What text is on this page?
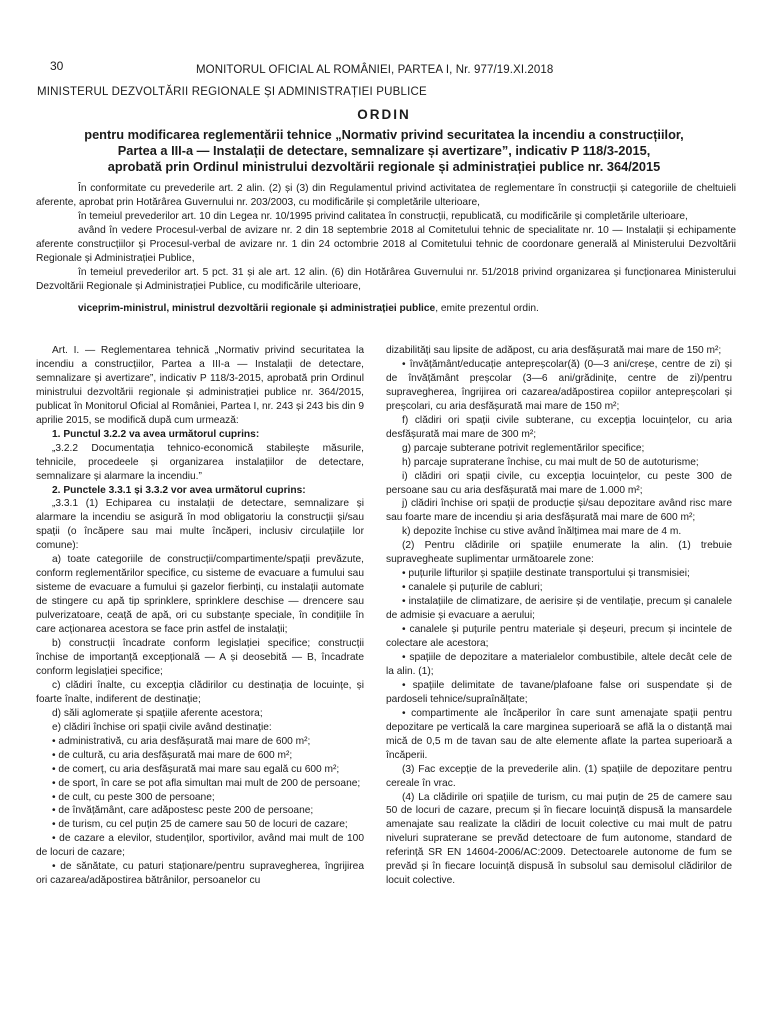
30	MONITORUL OFICIAL AL ROMÂNIEI, PARTEA I, Nr. 977/19.XI.2018
MINISTERUL DEZVOLTĂRII REGIONALE ȘI ADMINISTRAȚIEI PUBLICE
ORDIN
pentru modificarea reglementării tehnice „Normativ privind securitatea la incendiu a construcțiilor,
Partea a III-a — Instalații de detectare, semnalizare și avertizare”, indicativ P 118/3-2015,
aprobată prin Ordinul ministrului dezvoltării regionale și administrației publice nr. 364/2015

În conformitate cu prevederile art. 2 alin. (2) și (3) din Regulamentul privind activitatea de reglementare în construcții și categoriile de cheltuieli aferente, aprobat prin Hotărârea Guvernului nr. 203/2003, cu modificările și completările ulterioare,

în temeiul prevederilor art. 10 din Legea nr. 10/1995 privind calitatea în construcții, republicată, cu modificările și completările ulterioare,

având în vedere Procesul-verbal de avizare nr. 2 din 18 septembrie 2018 al Comitetului tehnic de specialitate nr. 10 — Instalații și echipamente aferente construcțiilor și Procesul-verbal de avizare nr. 1 din 24 octombrie 2018 al Comitetului tehnic de coordonare generală al Ministerului Dezvoltării Regionale și Administrației Publice,

în temeiul prevederilor art. 5 pct. 31 și ale art. 12 alin. (6) din Hotărârea Guvernului nr. 51/2018 privind organizarea și funcționarea Ministerului Dezvoltării Regionale și Administrației Publice, cu modificările ulterioare,

viceprim-ministrul, ministrul dezvoltării regionale și administrației publice, emite prezentul ordin.

Art. I. — Reglementarea tehnică „Normativ privind securitatea la incendiu a construcțiilor, Partea a III-a — Instalații de detectare, semnalizare și avertizare”, indicativ P 118/3-2015, aprobată prin Ordinul ministrului dezvoltării regionale și administrației publice nr. 364/2015, publicat în Monitorul Oficial al României, Partea I, nr. 243 și 243 bis din 9 aprilie 2015, se modifică după cum urmează:

1. Punctul 3.2.2 va avea următorul cuprins:

„3.2.2 Documentația tehnico-economică stabilește măsurile, tehnicile, procedeele și organizarea instalațiilor de detectare, semnalizare și alarmare la incendiu.”

2. Punctele 3.3.1 și 3.3.2 vor avea următorul cuprins:

„3.3.1 (1) Echiparea cu instalații de detectare, semnalizare și alarmare la incendiu se asigură în mod obligatoriu la construcții și/sau spații (o încăpere sau mai multe încăperi, inclusiv circulațiile lor comune):

a) toate categoriile de construcții/compartimente/spații prevăzute, conform reglementărilor specifice, cu sisteme de evacuare a fumului sau sisteme de evacuare a fumului și gazelor fierbinți, cu instalații automate de stingere cu apă tip sprinklere, sprinklere deschise — drencere sau pulverizatoare, ceață de apă, ori cu substanțe speciale, în condițiile în care acționarea acestora se face prin astfel de instalații;

b) construcții încadrate conform legislației specifice; construcții închise de importanță excepțională — A și deosebită — B, încadrate conform legislației specifice;

c) clădiri înalte, cu excepția clădirilor cu destinația de locuințe, și foarte înalte, indiferent de destinație;

d) săli aglomerate și spațiile aferente acestora;

e) clădiri închise ori spații civile având destinație:

• administrativă, cu aria desfășurată mai mare de 600 m²;

• de cultură, cu aria desfășurată mai mare de 600 m²;

• de comerț, cu aria desfășurată mai mare sau egală cu 600 m²;

• de sport, în care se pot afla simultan mai mult de 200 de persoane;

• de cult, cu peste 300 de persoane;

• de învățământ, care adăpostesc peste 200 de persoane;

• de turism, cu cel puțin 25 de camere sau 50 de locuri de cazare;

• de cazare a elevilor, studenților, sportivilor, având mai mult de 100 de locuri de cazare;

• de sănătate, cu paturi staționare/pentru supravegherea, îngrijirea ori cazarea/adăpostirea bătrânilor, persoanelor cu

dizabilități sau lipsite de adăpost, cu aria desfășurată mai mare de 150 m²;

• învățământ/educație antepreșcolar(ă) (0—3 ani/creșe, centre de zi) și de învățământ preșcolar (3—6 ani/grădinițe, centre de zi)/pentru supravegherea, îngrijirea ori cazarea/adăpostirea copiilor antepreșcolari și preșcolari, cu aria desfășurată mai mare de 150 m²;

f) clădiri ori spații civile subterane, cu excepția locuințelor, cu aria desfășurată mai mare de 300 m²;

g) parcaje subterane potrivit reglementărilor specifice;

h) parcaje supraterane închise, cu mai mult de 50 de autoturisme;

i) clădiri ori spații civile, cu excepția locuințelor, cu peste 300 de persoane sau cu aria desfășurată mai mare de 1.000 m²;

j) clădiri închise ori spații de producție și/sau depozitare având risc mare sau foarte mare de incendiu și aria desfășurată mai mare de 600 m²;

k) depozite închise cu stive având înălțimea mai mare de 4 m.

(2) Pentru clădirile ori spațiile enumerate la alin. (1) trebuie supravegheate suplimentar următoarele zone:

• puțurile lifturilor și spațiile destinate transportului și transmisiei;

• canalele și puțurile de cabluri;

• instalațiile de climatizare, de aerisire și de ventilație, precum și canalele de admisie și evacuare a aerului;

• canalele și puțurile pentru materiale și deșeuri, precum și incintele de colectare ale acestora;

• spațiile de depozitare a materialelor combustibile, altele decât cele de la alin. (1);

• spațiile delimitate de tavane/plafoane false ori suspendate și de pardoseli tehnice/supraînălțate;

• compartimente ale încăperilor în care sunt amenajate spații pentru depozitare pe verticală la care marginea superioară se află la o distanță mai mică de 0,5 m de tavan sau de alte elemente aflate la partea superioară a încăperii.

(3) Fac excepție de la prevederile alin. (1) spațiile de depozitare pentru cereale în vrac.

(4) La clădirile ori spațiile de turism, cu mai puțin de 25 de camere sau 50 de locuri de cazare, precum și în fiecare locuință dispusă la mansardele amenajate sau realizate la clădiri de locuit colective cu mai mult de patru niveluri supraterane se prevăd detectoare de fum autonome, standard de referință SR EN 14604-2006/AC:2009. Detectoarele autonome de fum se prevăd și în fiecare locuință dispusă în subsolul sau demisolul clădirilor de locuit colective.
